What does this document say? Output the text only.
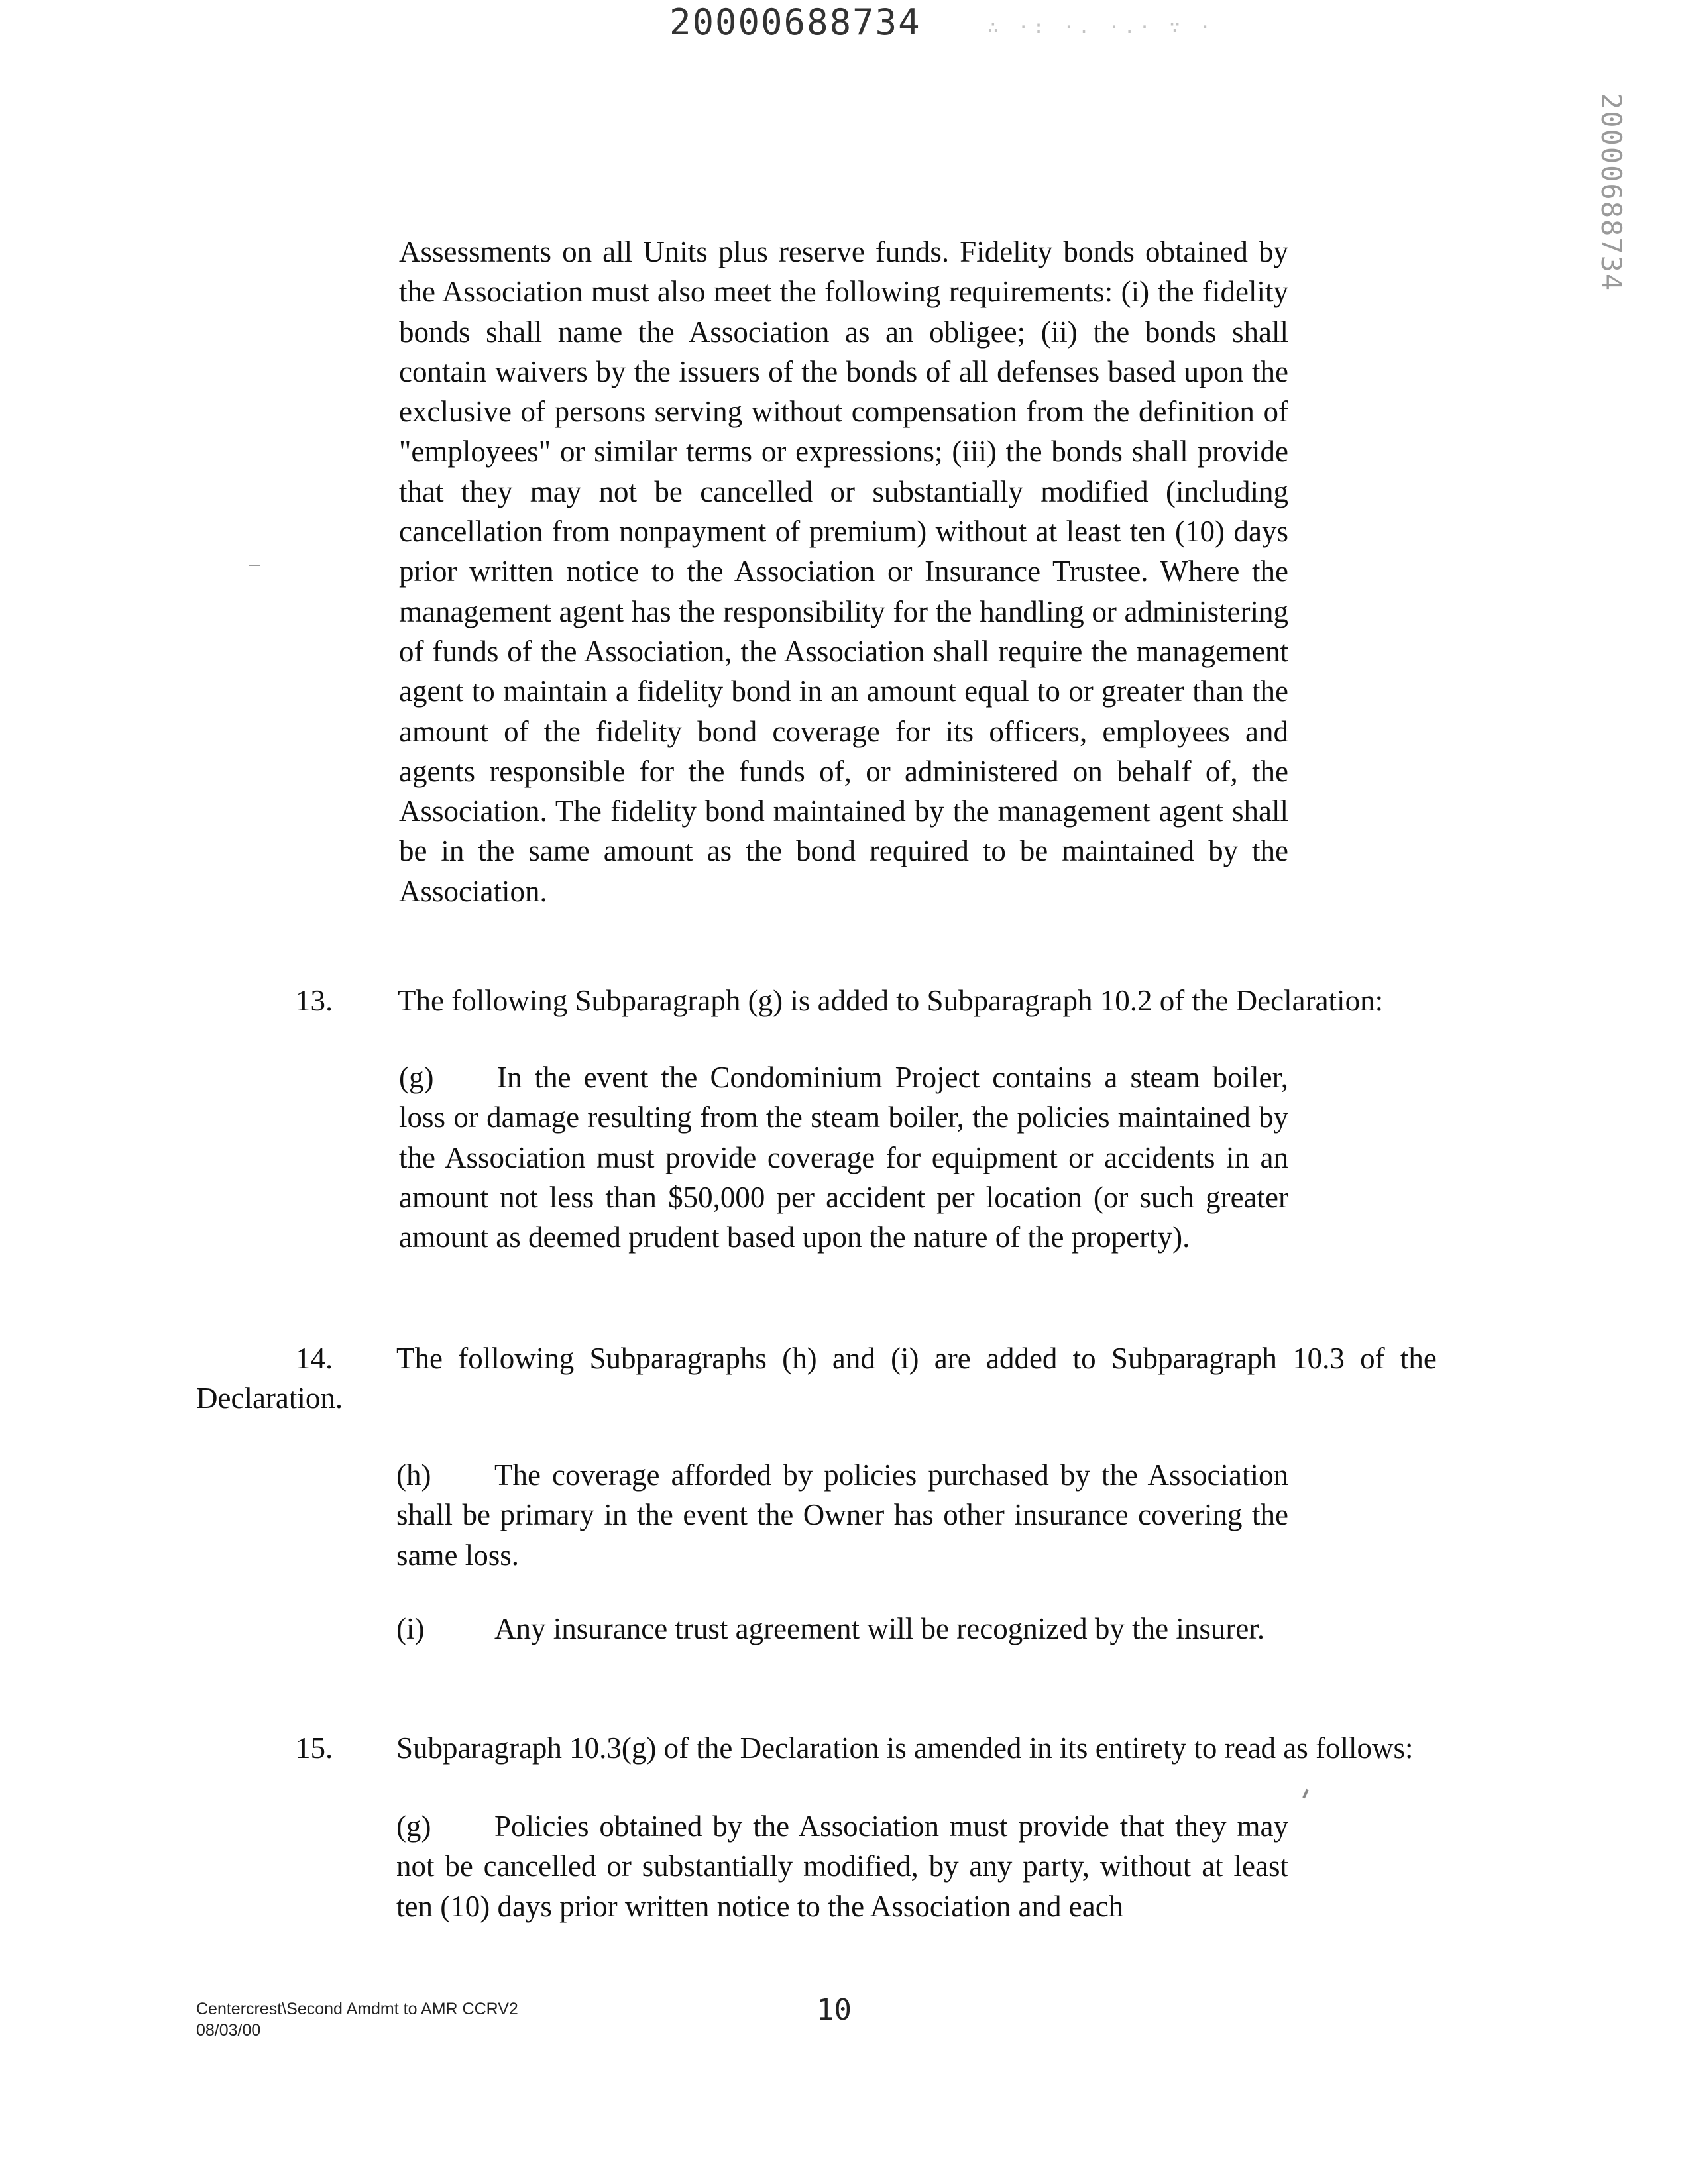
20000688734	∴ ·: ·. ·.· ∵ ·
20000688734

Assessments on all Units plus reserve funds. Fidelity bonds obtained by the Association must also meet the following requirements: (i) the fidelity bonds shall name the Association as an obligee; (ii) the bonds shall contain waivers by the issuers of the bonds of all defenses based upon the exclusive of persons serving without compensation from the definition of "employees" or similar terms or expressions; (iii) the bonds shall provide that they may not be cancelled or substantially modified (including cancellation from nonpayment of premium) without at least ten (10) days prior written notice to the Association or Insurance Trustee. Where the management agent has the responsibility for the handling or administering of funds of the Association, the Association shall require the management agent to maintain a fidelity bond in an amount equal to or greater than the amount of the fidelity bond coverage for its officers, employees and agents responsible for the funds of, or administered on behalf of, the Association. The fidelity bond maintained by the management agent shall be in the same amount as the bond required to be maintained by the Association.

13. The following Subparagraph (g) is added to Subparagraph 10.2 of the Declaration:

(g) In the event the Condominium Project contains a steam boiler, loss or damage resulting from the steam boiler, the policies maintained by the Association must provide coverage for equipment or accidents in an amount not less than $50,000 per accident per location (or such greater amount as deemed prudent based upon the nature of the property).

14. The following Subparagraphs (h) and (i) are added to Subparagraph 10.3 of the

Declaration.

(h) The coverage afforded by policies purchased by the Association shall be primary in the event the Owner has other insurance covering the same loss.

(i) Any insurance trust agreement will be recognized by the insurer.

15. Subparagraph 10.3(g) of the Declaration is amended in its entirety to read as follows:

(g) Policies obtained by the Association must provide that they may not be cancelled or substantially modified, by any party, without at least ten (10) days prior written notice to the Association and each

Centercrest\Second Amdmt to AMR CCRV2
08/03/00
10
